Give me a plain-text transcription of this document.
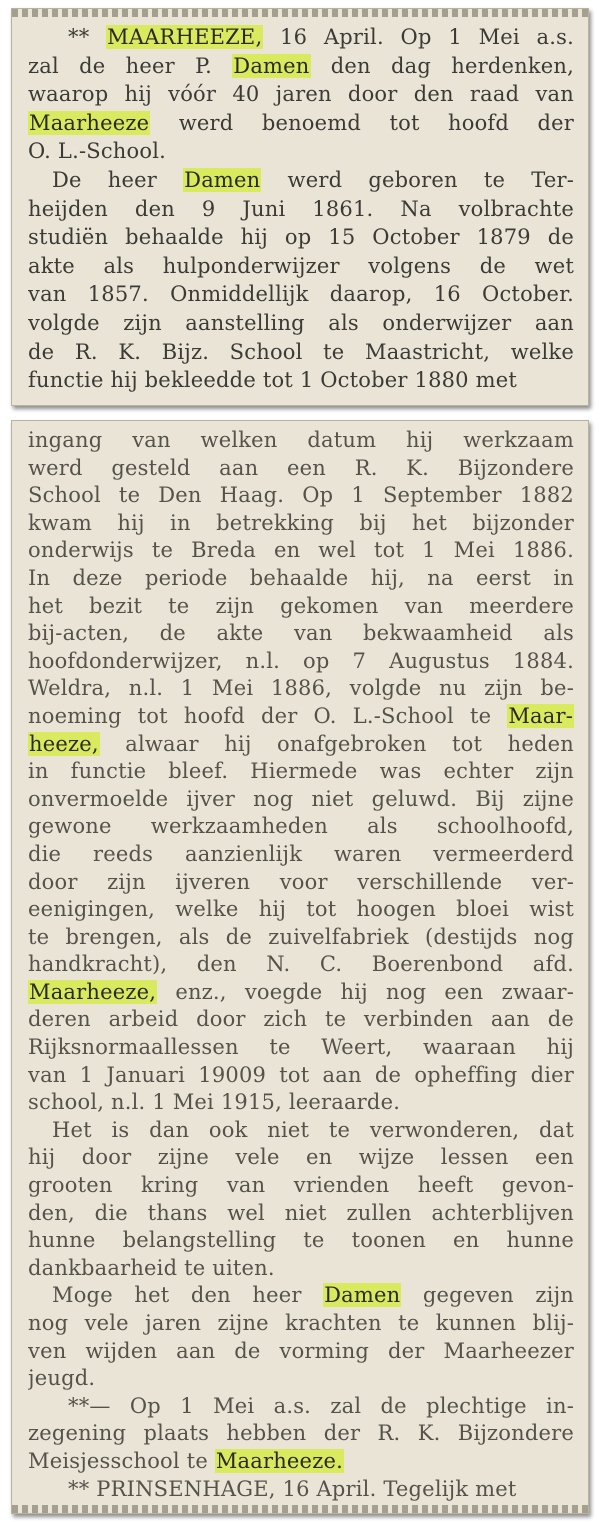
** MAARHEEZE, 16 April. Op 1 Mei a.s.
zal de heer P. Damen den dag herdenken,
waarop hij vóór 40 jaren door den raad van
Maarheeze werd benoemd tot hoofd der
O. L.-School.
De heer Damen werd geboren te Ter-
heijden den 9 Juni 1861. Na volbrachte
studiën behaalde hij op 15 October 1879 de
akte als hulponderwijzer volgens de wet
van 1857. Onmiddellijk daarop, 16 October.
volgde zijn aanstelling als onderwijzer aan
de R. K. Bijz. School te Maastricht, welke
functie hij bekleedde tot 1 October 1880 met
ingang van welken datum hij werkzaam
werd gesteld aan een R. K. Bijzondere
School te Den Haag. Op 1 September 1882
kwam hij in betrekking bij het bijzonder
onderwijs te Breda en wel tot 1 Mei 1886.
In deze periode behaalde hij, na eerst in
het bezit te zijn gekomen van meerdere
bij-acten, de akte van bekwaamheid als
hoofdonderwijzer, n.l. op 7 Augustus 1884.
Weldra, n.l. 1 Mei 1886, volgde nu zijn be-
noeming tot hoofd der O. L.-School te Maar-
heeze, alwaar hij onafgebroken tot heden
in functie bleef. Hiermede was echter zijn
onvermoelde ijver nog niet geluwd. Bij zijne
gewone werkzaamheden als schoolhoofd,
die reeds aanzienlijk waren vermeerderd
door zijn ijveren voor verschillende ver-
eenigingen, welke hij tot hoogen bloei wist
te brengen, als de zuivelfabriek (destijds nog
handkracht), den N. C. Boerenbond afd.
Maarheeze, enz., voegde hij nog een zwaar-
deren arbeid door zich te verbinden aan de
Rijksnormaallessen te Weert, waaraan hij
van 1 Januari 19009 tot aan de opheffing dier
school, n.l. 1 Mei 1915, leeraarde.
Het is dan ook niet te verwonderen, dat
hij door zijne vele en wijze lessen een
grooten kring van vrienden heeft gevon-
den, die thans wel niet zullen achterblijven
hunne belangstelling te toonen en hunne
dankbaarheid te uiten.
Moge het den heer Damen gegeven zijn
nog vele jaren zijne krachten te kunnen blij-
ven wijden aan de vorming der Maarheezer
jeugd.
**— Op 1 Mei a.s. zal de plechtige in-
zegening plaats hebben der R. K. Bijzondere
Meisjesschool te Maarheeze.
** PRINSENHAGE, 16 April. Tegelijk met
